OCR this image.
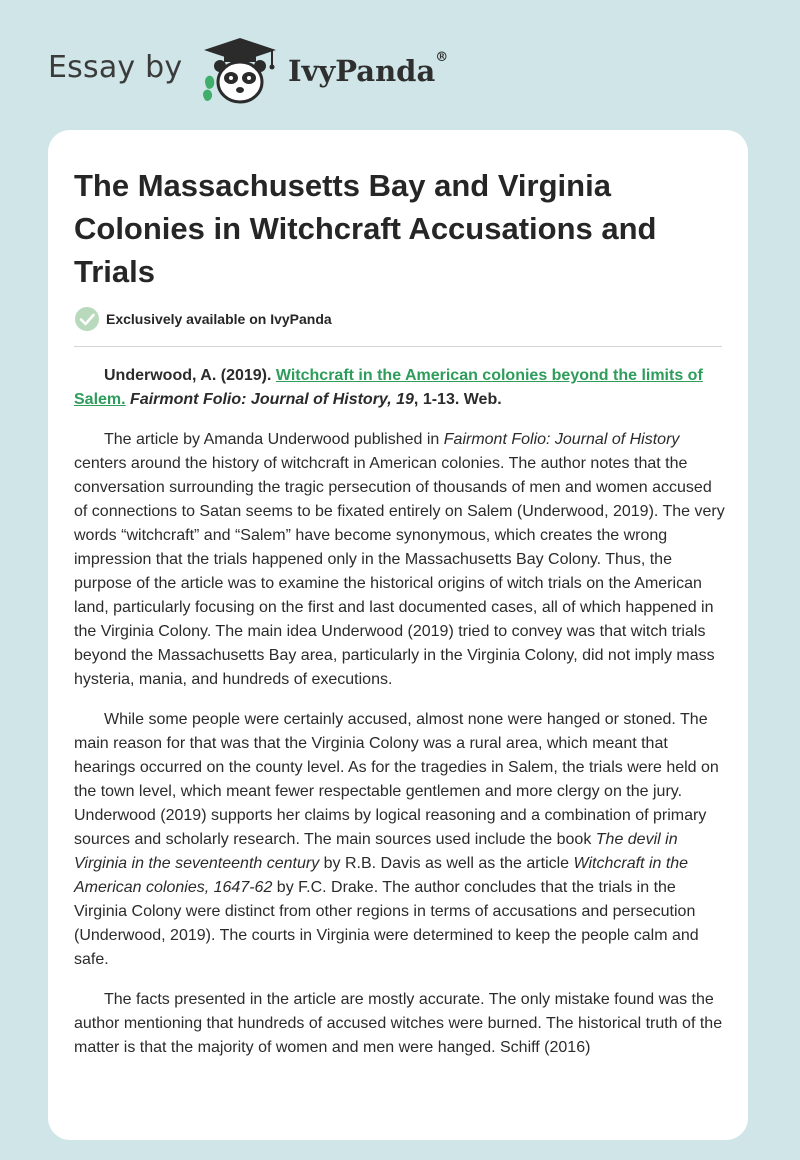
Essay by	IvyPanda®
The Massachusetts Bay and Virginia Colonies in Witchcraft Accusations and Trials
Exclusively available on IvyPanda

Underwood, A. (2019). Witchcraft in the American colonies beyond the limits of Salem. Fairmont Folio: Journal of History, 19, 1-13. Web.

The article by Amanda Underwood published in Fairmont Folio: Journal of History centers around the history of witchcraft in American colonies. The author notes that the conversation surrounding the tragic persecution of thousands of men and women accused of connections to Satan seems to be fixated entirely on Salem (Underwood, 2019). The very words “witchcraft” and “Salem” have become synonymous, which creates the wrong impression that the trials happened only in the Massachusetts Bay Colony. Thus, the purpose of the article was to examine the historical origins of witch trials on the American land, particularly focusing on the first and last documented cases, all of which happened in the Virginia Colony. The main idea Underwood (2019) tried to convey was that witch trials beyond the Massachusetts Bay area, particularly in the Virginia Colony, did not imply mass hysteria, mania, and hundreds of executions.

While some people were certainly accused, almost none were hanged or stoned. The main reason for that was that the Virginia Colony was a rural area, which meant that hearings occurred on the county level. As for the tragedies in Salem, the trials were held on the town level, which meant fewer respectable gentlemen and more clergy on the jury. Underwood (2019) supports her claims by logical reasoning and a combination of primary sources and scholarly research. The main sources used include the book The devil in Virginia in the seventeenth century by R.B. Davis as well as the article Witchcraft in the American colonies, 1647-62 by F.C. Drake. The author concludes that the trials in the Virginia Colony were distinct from other regions in terms of accusations and persecution (Underwood, 2019). The courts in Virginia were determined to keep the people calm and safe.

The facts presented in the article are mostly accurate. The only mistake found was the author mentioning that hundreds of accused witches were burned. The historical truth of the matter is that the majority of women and men were hanged. Schiff (2016)
